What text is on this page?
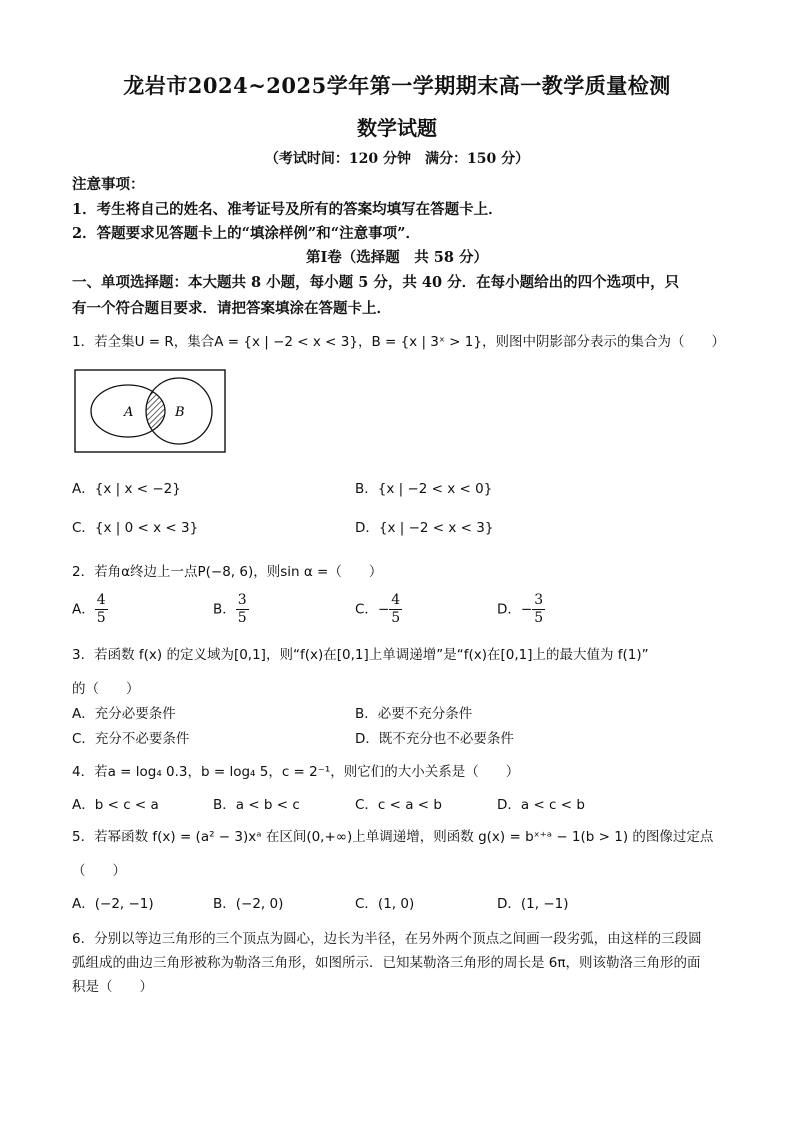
龙岩市2024~2025学年第一学期期末高一教学质量检测
数学试题
（考试时间：120 分钟　满分：150 分）
注意事项：
1．考生将自己的姓名、准考证号及所有的答案均填写在答题卡上．
2．答题要求见答题卡上的“填涂样例”和“注意事项”．
第Ⅰ卷（选择题　共 58 分）
一、单项选择题：本大题共 8 小题，每小题 5 分，共 40 分．在每小题给出的四个选项中，只
有一个符合题目要求．请把答案填涂在答题卡上．
1．若全集U = R，集合A = {x | −2 < x < 3}，B = {x | 3ˣ > 1}，则图中阴影部分表示的集合为（　　）
A	B
A．{x | x < −2}	B．{x | −2 < x < 0}
C．{x | 0 < x < 3}	D．{x | −2 < x < 3}
2．若角α终边上一点P(−8, 6)，则sin α =（　　）
A． $\frac{4}{5}$	B． $\frac{3}{5}$	C．− $\frac{4}{5}$	D．− $\frac{3}{5}$
3．若函数 f(x) 的定义域为[0,1]，则“f(x)在[0,1]上单调递增”是“f(x)在[0,1]上的最大值为 f(1)”
的（　　）
A．充分必要条件	B．必要不充分条件
C．充分不必要条件	D．既不充分也不必要条件
4．若a = log₄ 0.3，b = log₄ 5，c = 2⁻¹，则它们的大小关系是（　　）
A．b < c < a	B．a < b < c	C．c < a < b	D．a < c < b
5．若幂函数 f(x) = (a² − 3)xᵃ 在区间(0,+∞)上单调递增，则函数 g(x) = bˣ⁺ᵃ − 1(b > 1) 的图像过定点
（　　）
A．(−2, −1)	B．(−2, 0)	C．(1, 0)	D．(1, −1)
6．分别以等边三角形的三个顶点为圆心，边长为半径，在另外两个顶点之间画一段劣弧，由这样的三段圆
弧组成的曲边三角形被称为勒洛三角形，如图所示．已知某勒洛三角形的周长是 6π，则该勒洛三角形的面
积是（　　）
